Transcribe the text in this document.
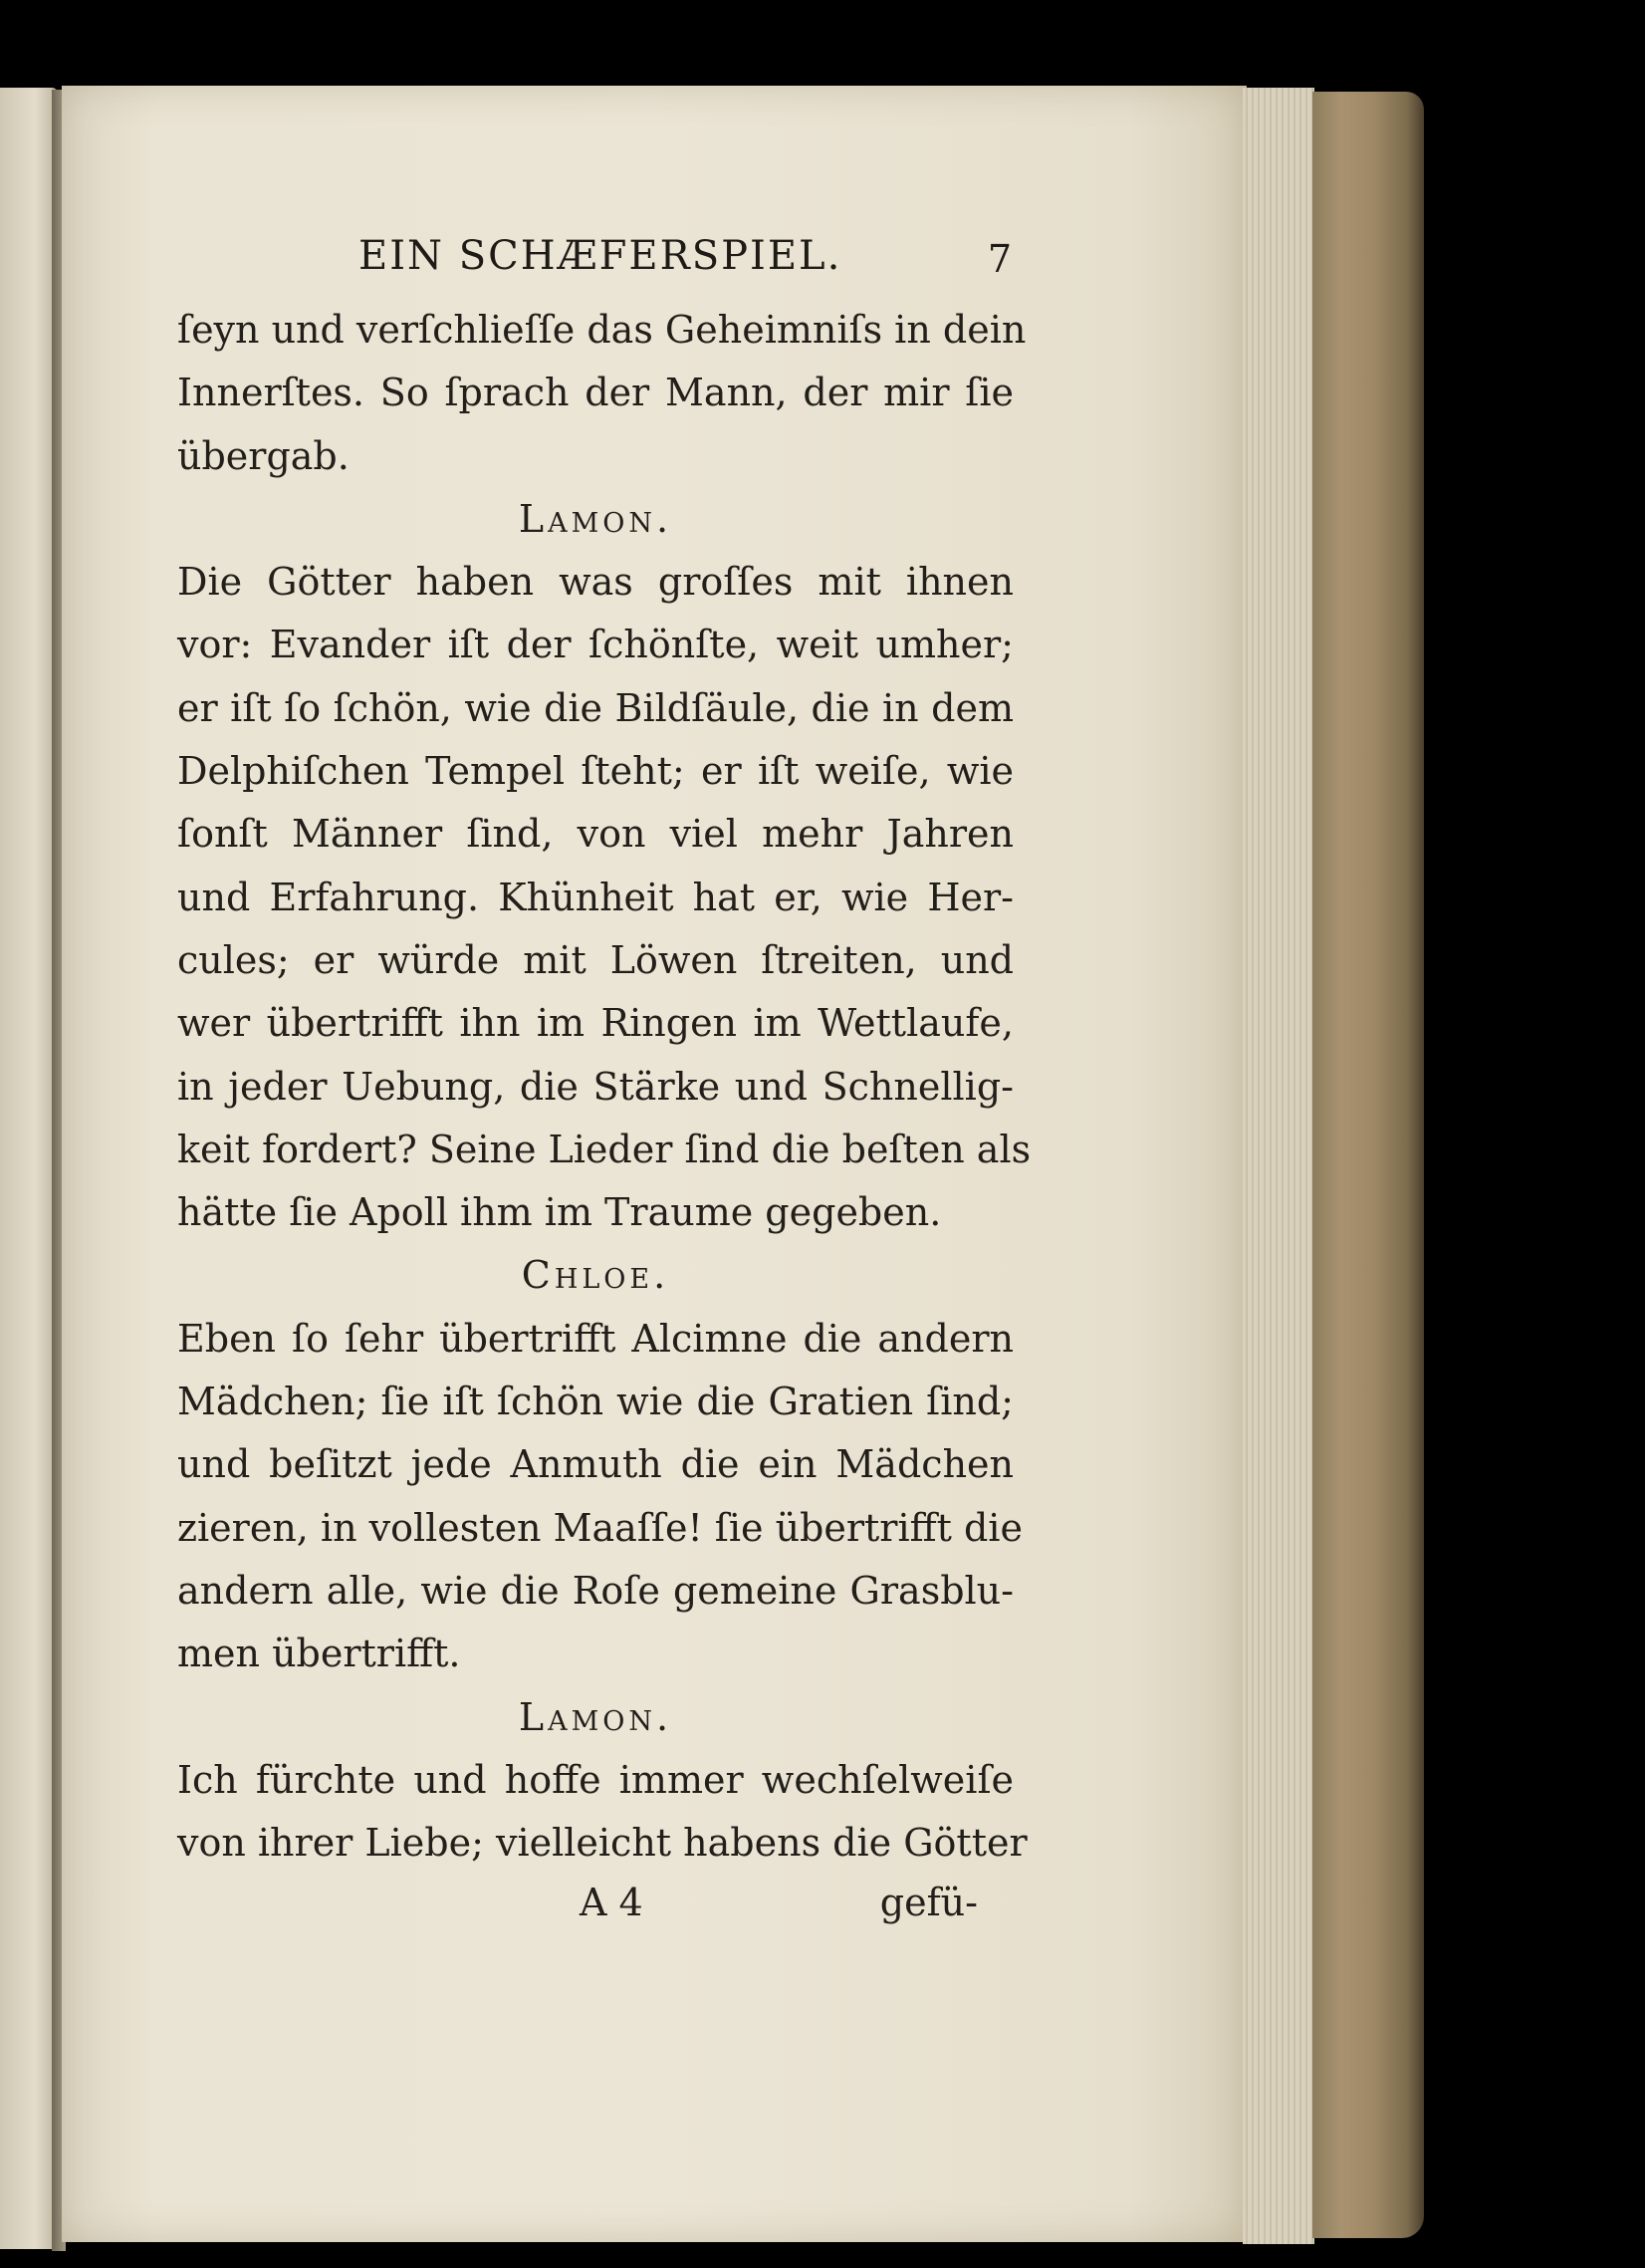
EIN SCHÆFERSPIEL.	7
ſeyn und verſchlieſſe das Geheimniſs in dein
Innerſtes. So ſprach der Mann, der mir ſie
übergab.
Lamon.
Die Götter haben was groſſes mit ihnen
vor: Evander iſt der ſchönſte, weit umher;
er iſt ſo ſchön, wie die Bildſäule, die in dem
Delphiſchen Tempel ſteht; er iſt weiſe, wie
ſonſt Männer ſind, von viel mehr Jahren
und Erfahrung. Khünheit hat er, wie Her-
cules; er würde mit Löwen ſtreiten, und
wer übertrifft ihn im Ringen im Wettlaufe,
in jeder Uebung, die Stärke und Schnellig-
keit fordert? Seine Lieder ſind die beſten als
hätte ſie Apoll ihm im Traume gegeben.
Chloe.
Eben ſo ſehr übertrifft Alcimne die andern
Mädchen; ſie iſt ſchön wie die Gratien ſind;
und beſitzt jede Anmuth die ein Mädchen
zieren, in vollesten Maaſſe! ſie übertrifft die
andern alle, wie die Roſe gemeine Grasblu-
men übertrifft.
Lamon.
Ich fürchte und hoffe immer wechſelweiſe
von ihrer Liebe; vielleicht habens die Götter
A 4	gefü-
